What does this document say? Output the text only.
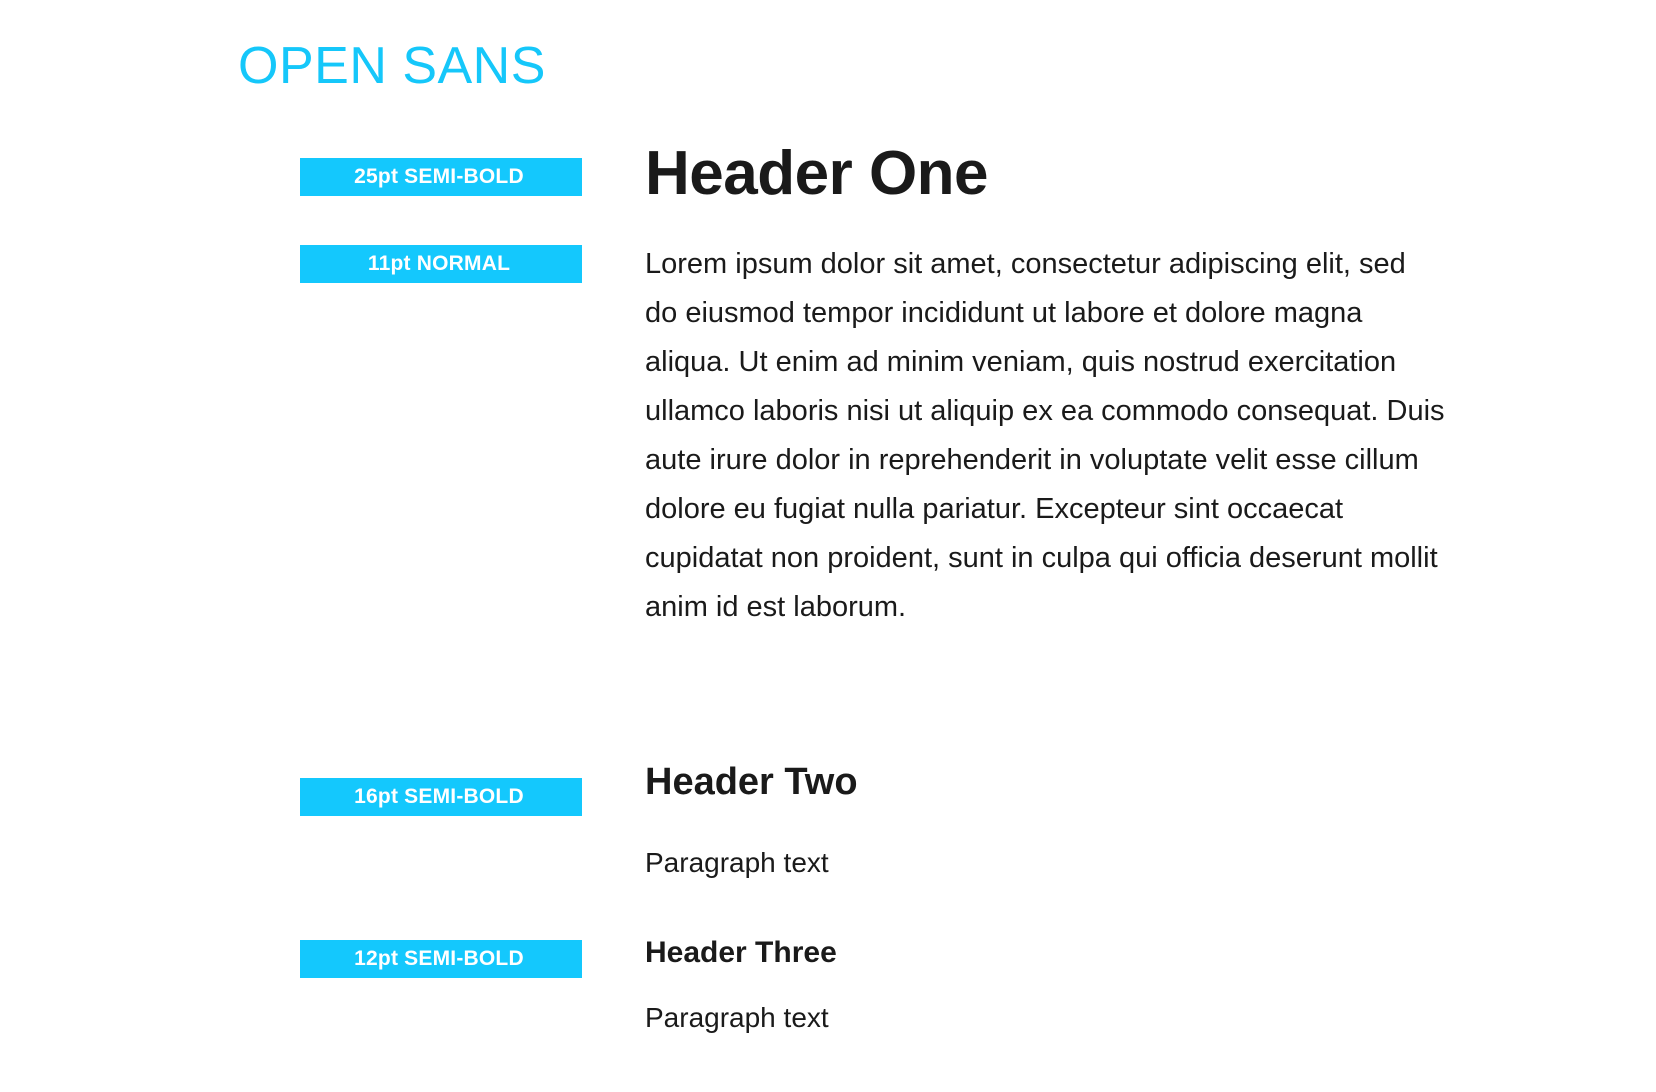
OPEN SANS
25pt SEMI-BOLD
11pt NORMAL
16pt SEMI-BOLD
12pt SEMI-BOLD
Header One
Lorem ipsum dolor sit amet, consectetur adipiscing elit, sed do eiusmod tempor incididunt ut labore et dolore magna aliqua. Ut enim ad minim veniam, quis nostrud exercitation ullamco laboris nisi ut aliquip ex ea commodo consequat. Duis aute irure dolor in reprehenderit in voluptate velit esse cillum dolore eu fugiat nulla pariatur. Excepteur sint occaecat cupidatat non proident, sunt in culpa qui officia deserunt mollit anim id est laborum.
Header Two
Paragraph text
Header Three
Paragraph text
